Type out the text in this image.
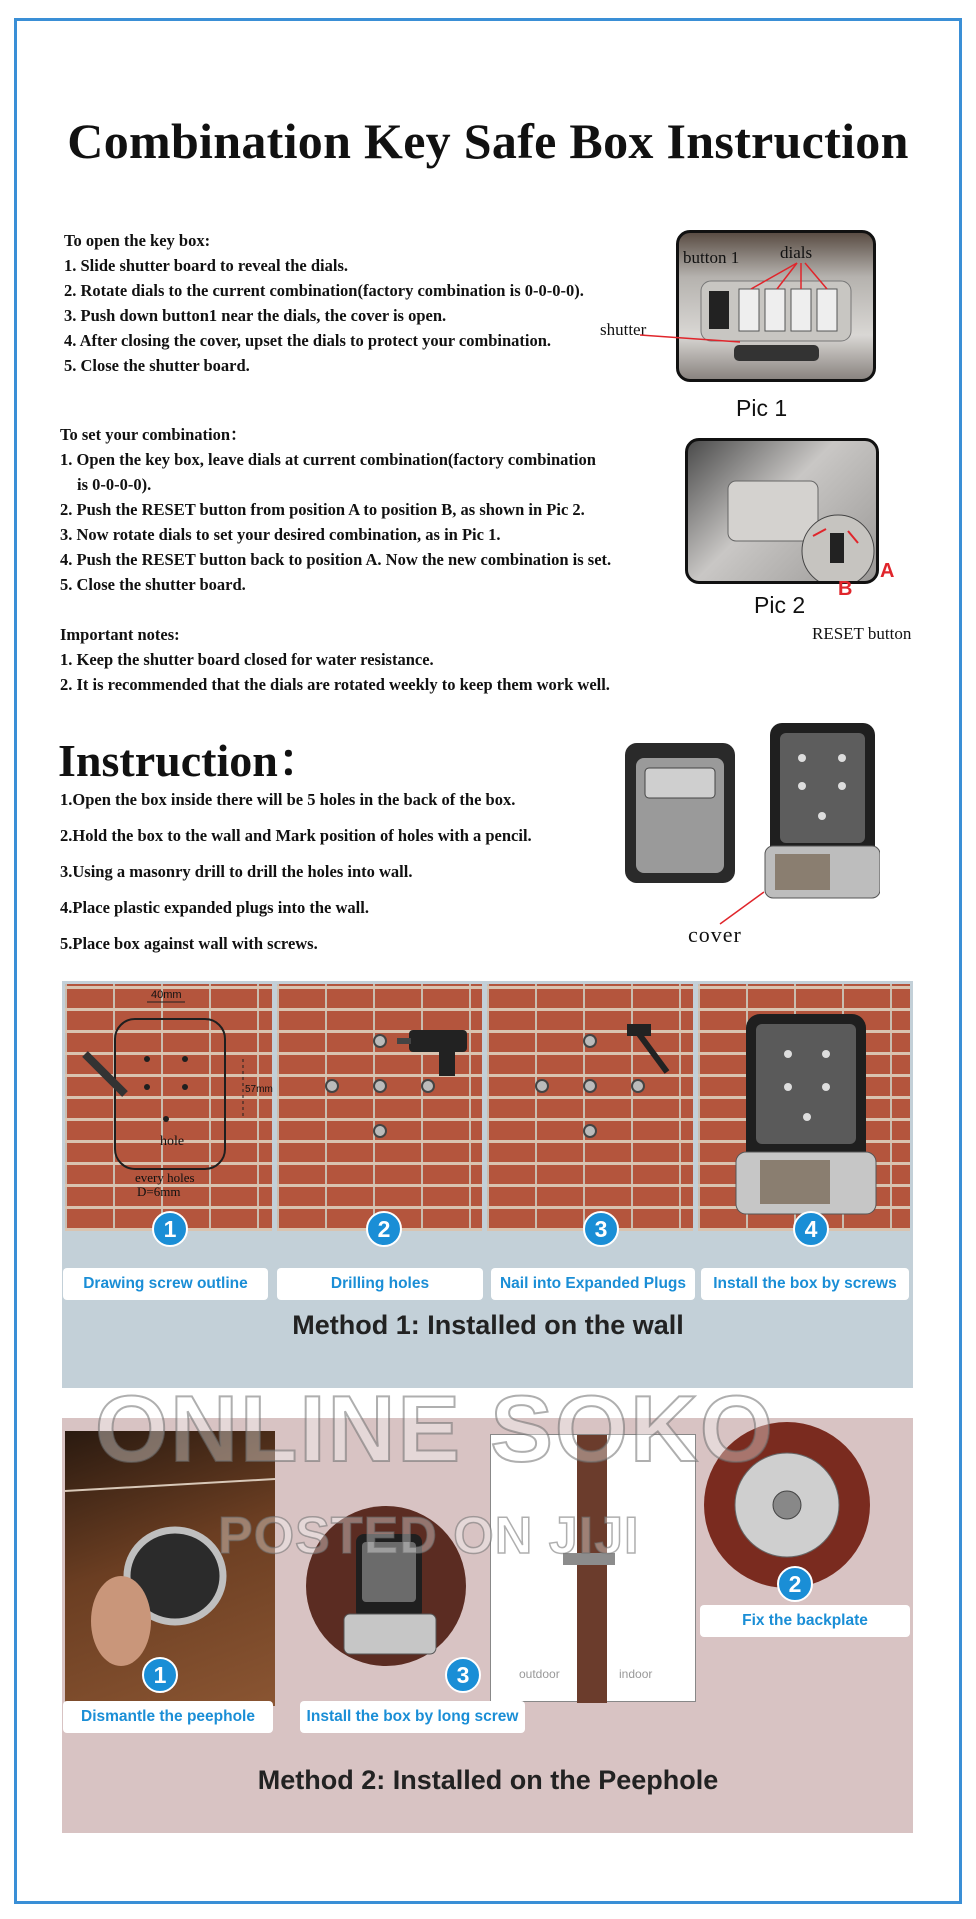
Combination Key Safe Box Instruction
To open the key box:
1. Slide shutter board to reveal the dials.
2. Rotate dials to the current combination(factory combination is 0-0-0-0).
3. Push down button1 near the dials, the cover is open.
4. After closing the cover, upset the dials to protect your combination.
5. Close the shutter board.
button 1 dials
shutter
Pic 1
To set your combination：
1. Open the key box, leave dials at current combination(factory combination
is 0-0-0-0).
2. Push the RESET button from position A to position B, as shown in Pic 2.
3. Now rotate dials to set your desired combination, as in Pic 1.
4. Push the RESET button back to position A. Now the new combination is set.
5. Close the shutter board.
A
B
Pic 2
RESET button
Important notes:
1. Keep the shutter board closed for water resistance.
2. It is recommended that the dials are rotated weekly to keep them work well.
Instruction：
1.Open the box inside there will be 5 holes in the back of the box.
2.Hold the box to the wall and Mark position of holes with a pencil.
3.Using a masonry drill to drill the holes into wall.
4.Place plastic expanded plugs into the wall.
5.Place box against wall with screws.	cover
40mm
57mm
hole
every holes
D=6mm
1	2	3	4
Drawing screw outline	Drilling holes	Nail into Expanded Plugs	Install the box by screws
Method 1: Installed on the wall
outdoor	indoor
1
2
3
Dismantle the peephole	Install the box by long screw
Fix the backplate
Method 2: Installed on the Peephole
ONLINE SOKO
POSTED ON JIJI
